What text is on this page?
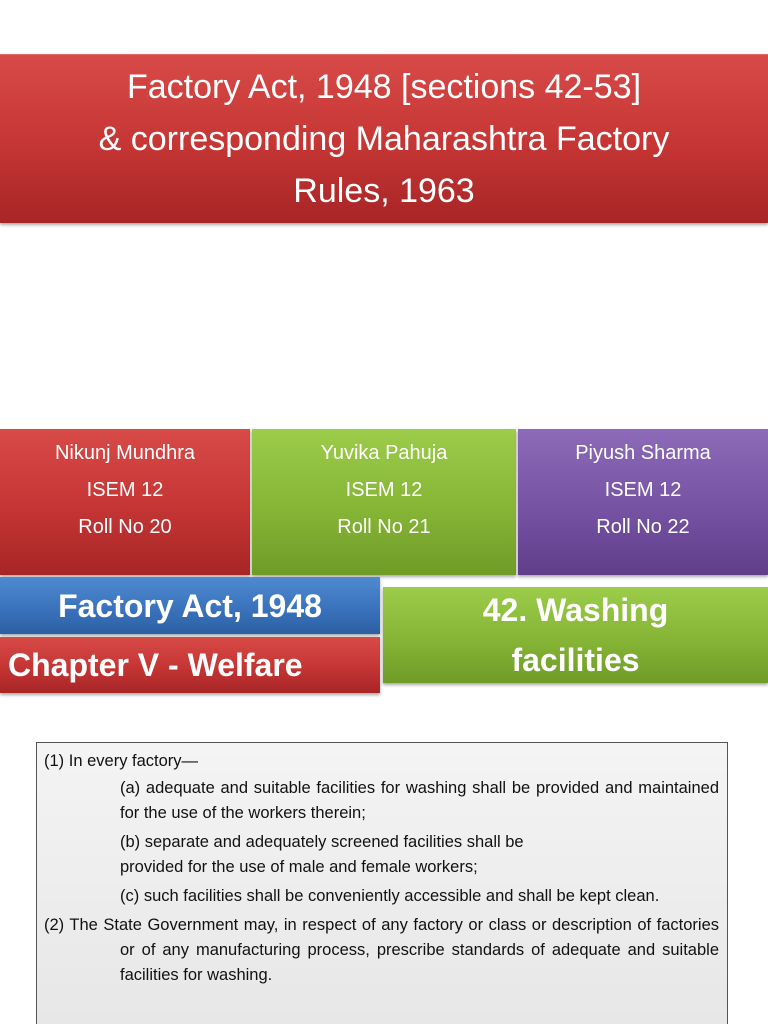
Factory Act, 1948 [sections 42-53]
& corresponding Maharashtra Factory
Rules, 1963
Nikunj Mundhra
ISEM 12
Roll No 20
Yuvika Pahuja
ISEM 12
Roll No 21
Piyush Sharma
ISEM 12
Roll No 22
Factory Act, 1948
Chapter V - Welfare
42. Washing
facilities

(1) In every factory—

(a) adequate and suitable facilities for washing shall be provided and maintained for the use of the workers therein;

(b) separate and adequately screened facilities shall be
provided for the use of male and female workers;

(c) such facilities shall be conveniently accessible and shall be kept clean.

(2) The State Government may, in respect of any factory or class or description of factories or of any manufacturing process, prescribe standards of adequate and suitable facilities for washing.
